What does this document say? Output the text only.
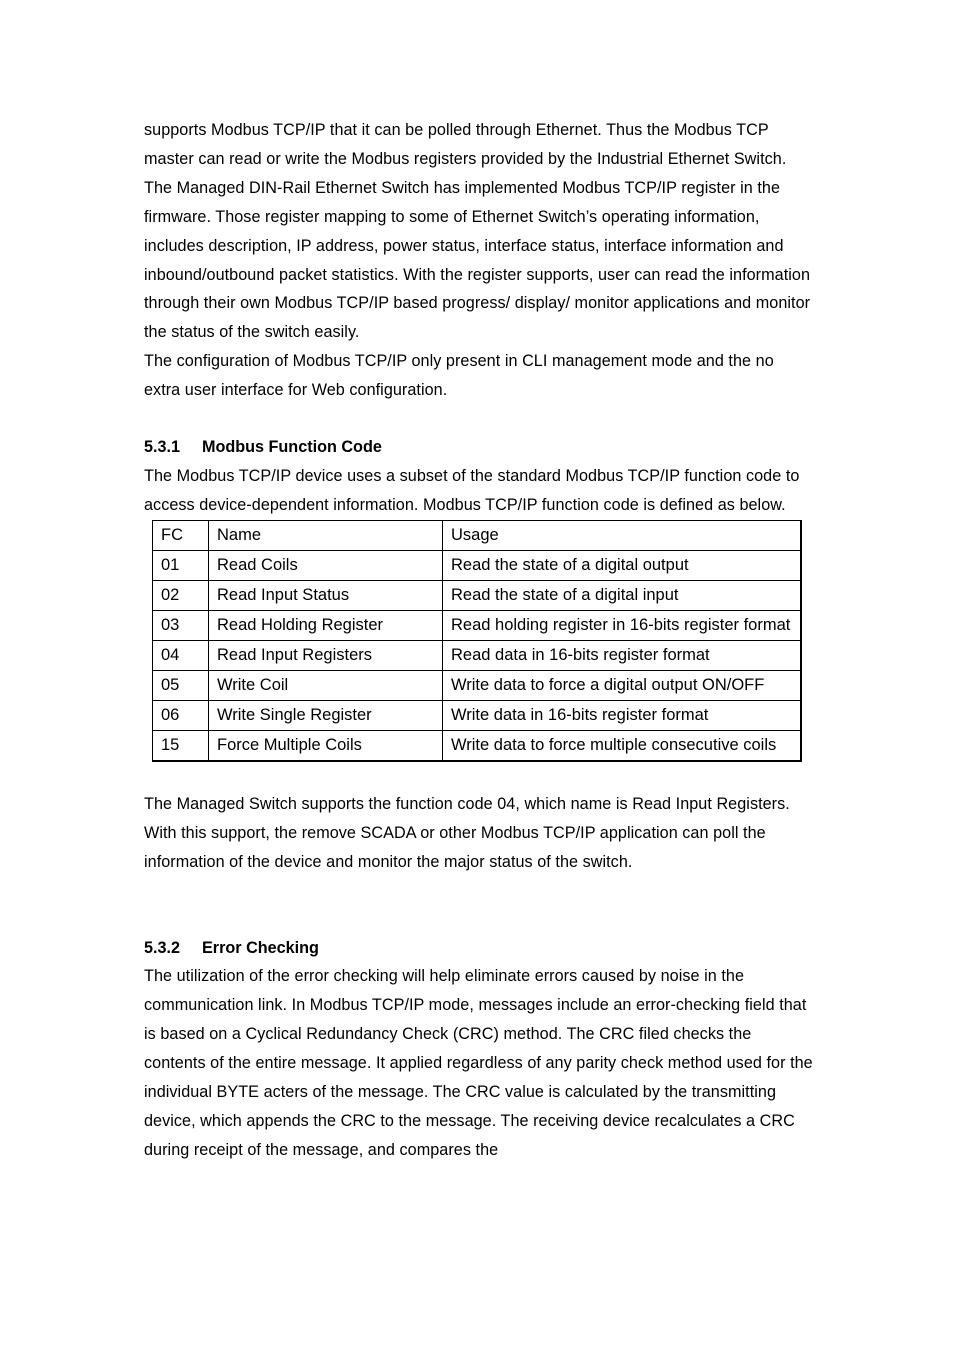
supports Modbus TCP/IP that it can be polled through Ethernet. Thus the Modbus TCP master can read or write the Modbus registers provided by the Industrial Ethernet Switch.

The Managed DIN-Rail Ethernet Switch has implemented Modbus TCP/IP register in the firmware. Those register mapping to some of Ethernet Switch’s operating information, includes description, IP address, power status, interface status, interface information and inbound/outbound packet statistics. With the register supports, user can read the information through their own Modbus TCP/IP based progress/ display/ monitor applications and monitor the status of the switch easily.

The configuration of Modbus TCP/IP only present in CLI management mode and the no extra user interface for Web configuration.

5.3.1 Modbus Function Code

The Modbus TCP/IP device uses a subset of the standard Modbus TCP/IP function code to access device-dependent information. Modbus TCP/IP function code is defined as below.

FC	Name	Usage
01	Read Coils	Read the state of a digital output
02	Read Input Status	Read the state of a digital input
03	Read Holding Register	Read holding register in 16-bits register format
04	Read Input Registers	Read data in 16-bits register format
05	Write Coil	Write data to force a digital output ON/OFF
06	Write Single Register	Write data in 16-bits register format
15	Force Multiple Coils	Write data to force multiple consecutive coils

The Managed Switch supports the function code 04, which name is Read Input Registers. With this support, the remove SCADA or other Modbus TCP/IP application can poll the information of the device and monitor the major status of the switch.

5.3.2 Error Checking

The utilization of the error checking will help eliminate errors caused by noise in the communication link. In Modbus TCP/IP mode, messages include an error-checking field that is based on a Cyclical Redundancy Check (CRC) method. The CRC filed checks the contents of the entire message. It applied regardless of any parity check method used for the individual BYTE acters of the message. The CRC value is calculated by the transmitting device, which appends the CRC to the message. The receiving device recalculates a CRC during receipt of the message, and compares the
